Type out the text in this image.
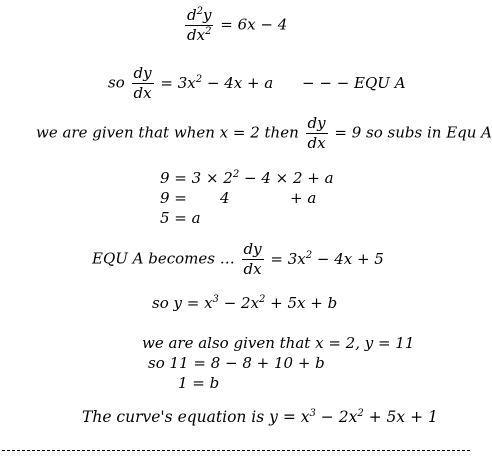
$\frac{d^2y}{dx^2} = 6x - 4$
so $\frac{dy}{dx} = 3x^2 - 4x + a$ − − − EQU A
we are given that when x = 2 then $\frac{dy}{dx} = 9$ so subs in Equ A
$9 = 3 \times 2^2 - 4 \times 2 + a$
9 =	4	+ a
5 = a
EQU A becomes … $\frac{dy}{dx} = 3x^2 - 4x + 5$
so $y = x^3 - 2x^2 + 5x + b$
we are also given that x = 2, y = 11
so 11 = 8 − 8 + 10 + b
1 = b
The curve's equation is $y = x^3 - 2x^2 + 5x + 1$
